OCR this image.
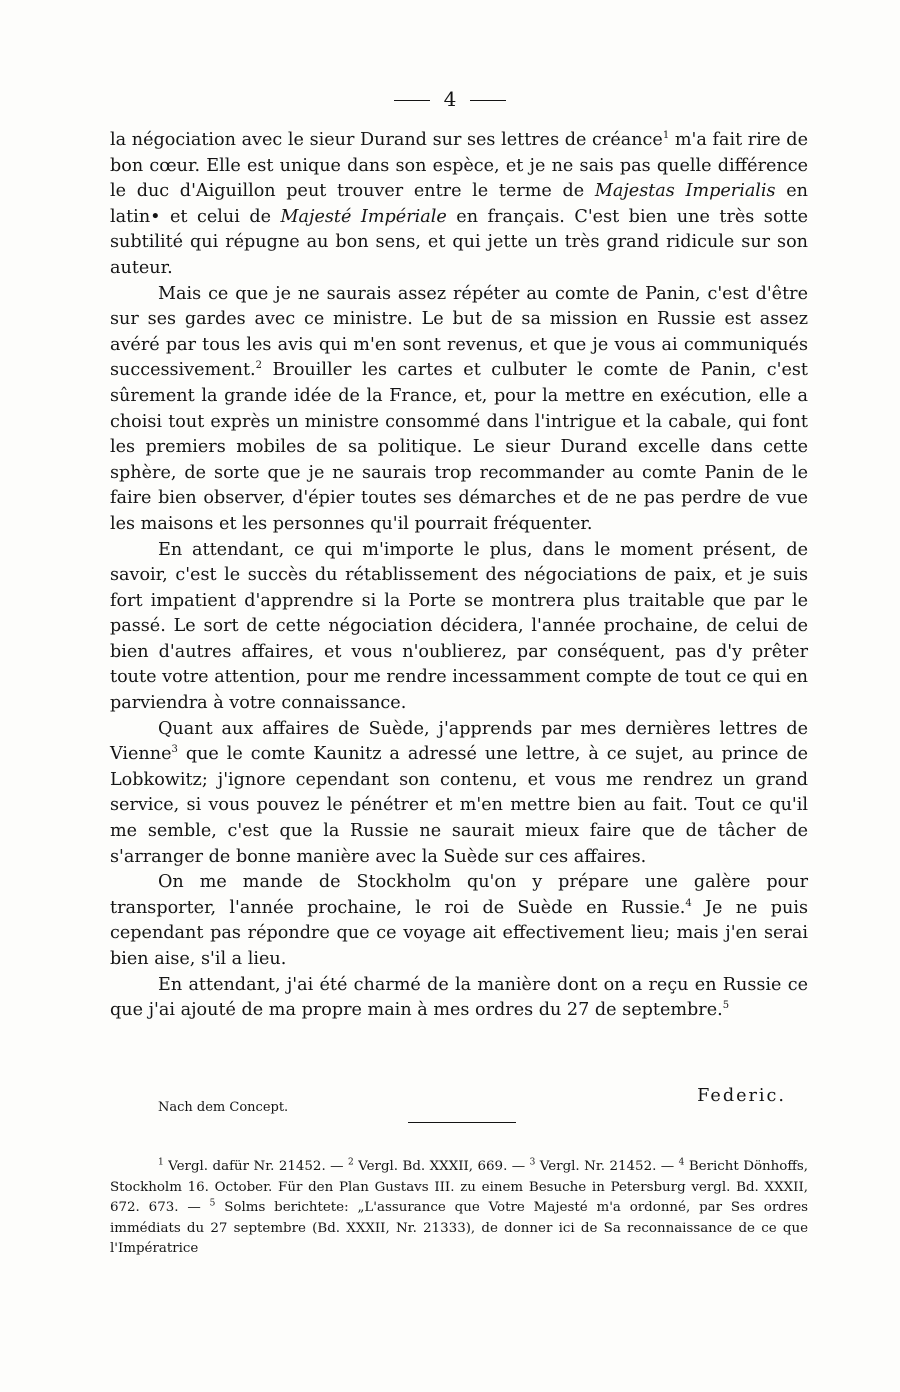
4

la négociation avec le sieur Durand sur ses lettres de créance$^1$ m'a fait rire de bon cœur. Elle est unique dans son espèce, et je ne sais pas quelle différence le duc d'Aiguillon peut trouver entre le terme de Majestas Imperialis en latin• et celui de Majesté Impériale en français. C'est bien une très sotte subtilité qui répugne au bon sens, et qui jette un très grand ridicule sur son auteur.

Mais ce que je ne saurais assez répéter au comte de Panin, c'est d'être sur ses gardes avec ce ministre. Le but de sa mission en Russie est assez avéré par tous les avis qui m'en sont revenus, et que je vous ai communiqués successivement.$^2$ Brouiller les cartes et culbuter le comte de Panin, c'est sûrement la grande idée de la France, et, pour la mettre en exécution, elle a choisi tout exprès un ministre consommé dans l'intrigue et la cabale, qui font les premiers mobiles de sa politique. Le sieur Durand excelle dans cette sphère, de sorte que je ne saurais trop recommander au comte Panin de le faire bien observer, d'épier toutes ses démarches et de ne pas perdre de vue les maisons et les personnes qu'il pourrait fréquenter.

En attendant, ce qui m'importe le plus, dans le moment présent, de savoir, c'est le succès du rétablissement des négociations de paix, et je suis fort impatient d'apprendre si la Porte se montrera plus traitable que par le passé. Le sort de cette négociation décidera, l'année prochaine, de celui de bien d'autres affaires, et vous n'oublierez, par conséquent, pas d'y prêter toute votre attention, pour me rendre incessamment compte de tout ce qui en parviendra à votre connaissance.

Quant aux affaires de Suède, j'apprends par mes dernières lettres de Vienne$^3$ que le comte Kaunitz a adressé une lettre, à ce sujet, au prince de Lobkowitz; j'ignore cependant son contenu, et vous me rendrez un grand service, si vous pouvez le pénétrer et m'en mettre bien au fait. Tout ce qu'il me semble, c'est que la Russie ne saurait mieux faire que de tâcher de s'arranger de bonne manière avec la Suède sur ces affaires.

On me mande de Stockholm qu'on y prépare une galère pour transporter, l'année prochaine, le roi de Suède en Russie.$^4$ Je ne puis cependant pas répondre que ce voyage ait effectivement lieu; mais j'en serai bien aise, s'il a lieu.

En attendant, j'ai été charmé de la manière dont on a reçu en Russie ce que j'ai ajouté de ma propre main à mes ordres du 27 de septembre.$^5$

Federic.
Nach dem Concept.

$^1$ Vergl. dafür Nr. 21452. — $^2$ Vergl. Bd. XXXII, 669. — $^3$ Vergl. Nr. 21452. — $^4$ Bericht Dönhoffs, Stockholm 16. October. Für den Plan Gustavs III. zu einem Besuche in Petersburg vergl. Bd. XXXII, 672. 673. — $^5$ Solms berichtete: „L'assurance que Votre Majesté m'a ordonné, par Ses ordres immédiats du 27 septembre (Bd. XXXII, Nr. 21333), de donner ici de Sa reconnaissance de ce que l'Impératrice
